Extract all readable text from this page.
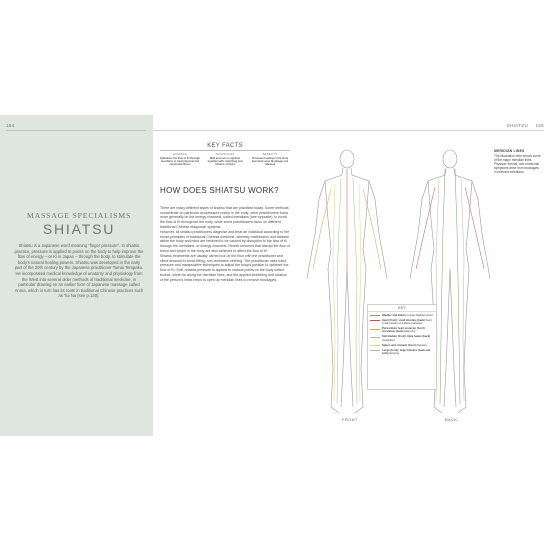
154
MASSAGE SPECIALISMS
SHIATSU
Shiatsu is a Japanese word meaning "finger pressure". In shiatsu practice, pressure is applied to points on the body to help improve the flow of energy – or Ki in Japan – through the body, to stimulate the body's natural healing powers. Shiatsu was developed in the early part of the 20th century by the Japanese practitioner Tamai Tempaku. He incorporated medical knowledge of anatomy and physiology from the West into several older methods of traditional medicine, in particular drawing on an earlier form of Japanese massage called Anma, which in turn has its roots in traditional Chinese practices such as Tui Na (see p.130).
SHIATSU 155
KEY FACTS
ESSENCE
Optimizes the flow of Ki through meridians to treat physical and emotional illness
TECHNIQUES
Mild pressure is applied, together with stretching and rotation of limbs
BENEFITS
Promotes healing in the body and mind once blockages are released
HOW DOES SHIATSU WORK?

There are many different styles of shiatsu that are practised today. Some methods concentrate on particular acupressure points in the body; other practitioners focus more generally on the energy channels, called meridians (see opposite), to boost the flow of Ki throughout the body, while some practitioners focus on different traditional Chinese diagnostic systems.

However, all shiatsu practitioners diagnose and treat an individual according to the broad principles of traditional Chinese medicine, whereby malfunction and disease within the body and mind are believed to be caused by disruption to the flow of Ki through the meridians, or energy channels. Health concerns that disrupt the flow of blood and lymph in the body are also believed to affect the flow of Ki.

Shiatsu treatments are usually carried out on the floor with the practitioner and client dressed in loose-fitting, non-restrictive clothing. The practitioner uses hand pressure and manipulative techniques to adjust the body's position to optimize the flow of Ki. Soft, relaxed pressure is applied to various points on the body called tsubos, which lie along the meridian lines, and the applied stretching and rotation of the person's limbs helps to open up meridian lines to remove blockages.

FRONT	BACK
MERIDIAN LINES
The illustration here shows some of the major meridian lines. Physical, mental, and emotional symptoms arise from blockages in relevant meridians.
KEY
Bladder and kidney (urinary bladder) wood
Heart (front); small intestine (back) heart, small intestine circulation pathways
Pericardium heart protector (front); circulation (back) balancing
Gall bladder (front); triple heater (back) metabolism
Spleen and stomach (front) digesting
Lungs (front); large intestine (back and both) detoxing
